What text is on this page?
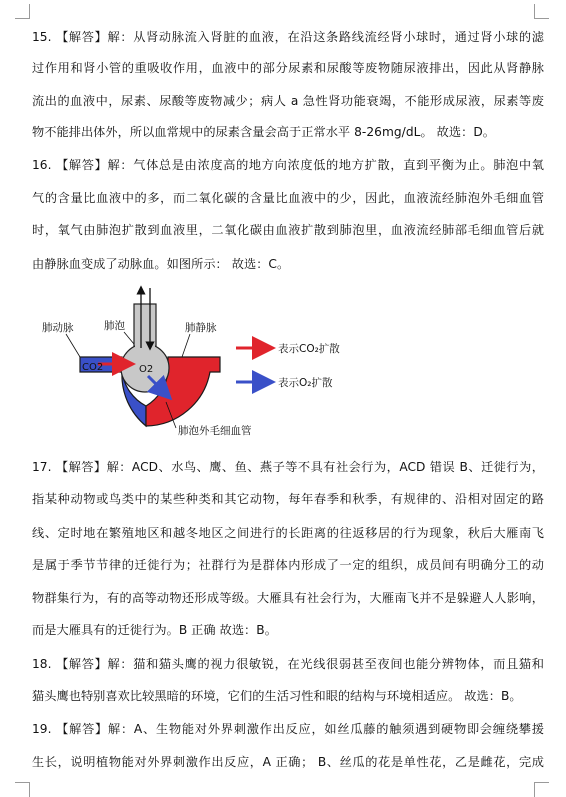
15. 【解答】解：从肾动脉流入肾脏的血液，在沿这条路线流经肾小球时，通过肾小球的滤
过作用和肾小管的重吸收作用，血液中的部分尿素和尿酸等废物随尿液排出，因此从肾静脉
流出的血液中，尿素、尿酸等废物减少；病人 a 急性肾功能衰竭，不能形成尿液，尿素等废
物不能排出体外，所以血常规中的尿素含量会高于正常水平 8-26mg/dL。 故选：D。
16. 【解答】解：气体总是由浓度高的地方向浓度低的地方扩散，直到平衡为止。肺泡中氧
气的含量比血液中的多，而二氧化碳的含量比血液中的少，因此，血液流经肺泡外毛细血管
时，氧气由肺泡扩散到血液里，二氧化碳由血液扩散到肺泡里，血液流经肺部毛细血管后就
由静脉血变成了动脉血。如图所示： 故选：C。
肺动脉	肺泡	肺静脉
CO2	O2
肺泡外毛细血管
表示CO₂扩散
表示O₂扩散
17. 【解答】解：ACD、水鸟、鹰、鱼、燕子等不具有社会行为，ACD 错误 B、迁徙行为，
指某种动物或鸟类中的某些种类和其它动物，每年春季和秋季，有规律的、沿相对固定的路
线、定时地在繁殖地区和越冬地区之间进行的长距离的往返移居的行为现象，秋后大雁南飞
是属于季节节律的迁徙行为；社群行为是群体内形成了一定的组织，成员间有明确分工的动
物群集行为，有的高等动物还形成等级。大雁具有社会行为，大雁南飞并不是躲避人人影响，
而是大雁具有的迁徙行为。B 正确 故选：B。
18. 【解答】解：猫和猫头鹰的视力很敏锐，在光线很弱甚至夜间也能分辨物体，而且猫和
猫头鹰也特别喜欢比较黑暗的环境，它们的生活习性和眼的结构与环境相适应。 故选：B。
19. 【解答】解：A、生物能对外界刺激作出反应，如丝瓜藤的触须遇到硬物即会缠绕攀援
生长，说明植物能对外界刺激作出反应，A 正确； B、丝瓜的花是单性花，乙是雌花，完成
